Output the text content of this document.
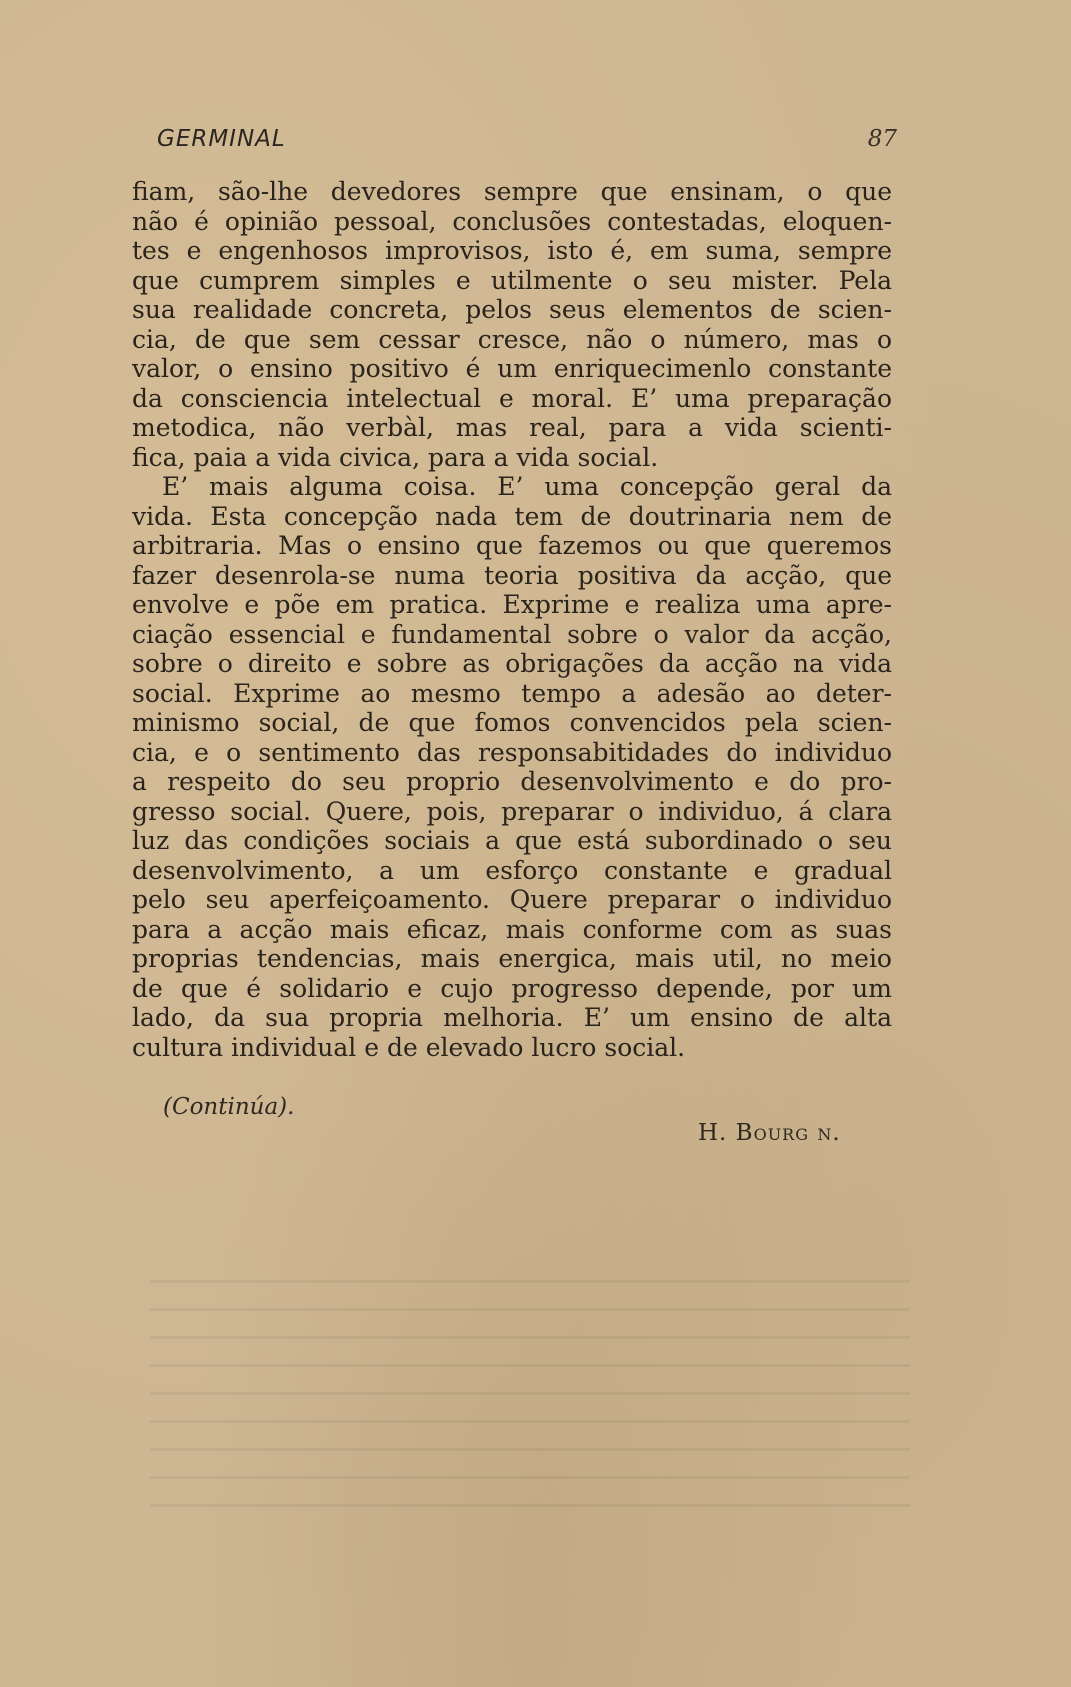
GERMINAL	87
fiam, são-lhe devedores sempre que ensinam, o que
não é opinião pessoal, conclusões contestadas, eloquen-
tes e engenhosos improvisos, isto é, em suma, sempre
que cumprem simples e utilmente o seu mister. Pela
sua realidade concreta, pelos seus elementos de scien-
cia, de que sem cessar cresce, não o número, mas o
valor, o ensino positivo é um enriquecimenlo constante
da consciencia intelectual e moral. E’ uma preparação
metodica, não verbàl, mas real, para a vida scienti-
fica, paia a vida civica, para a vida social.
E’ mais alguma coisa. E’ uma concepção geral da
vida. Esta concepção nada tem de doutrinaria nem de
arbitraria. Mas o ensino que fazemos ou que queremos
fazer desenrola-se numa teoria positiva da acção, que
envolve e põe em pratica. Exprime e realiza uma apre-
ciação essencial e fundamental sobre o valor da acção,
sobre o direito e sobre as obrigações da acção na vida
social. Exprime ao mesmo tempo a adesão ao deter-
minismo social, de que fomos convencidos pela scien-
cia, e o sentimento das responsabitidades do individuo
a respeito do seu proprio desenvolvimento e do pro-
gresso social. Quere, pois, preparar o individuo, á clara
luz das condições sociais a que está subordinado o seu
desenvolvimento, a um esforço constante e gradual
pelo seu aperfeiçoamento. Quere preparar o individuo
para a acção mais eficaz, mais conforme com as suas
proprias tendencias, mais energica, mais util, no meio
de que é solidario e cujo progresso depende, por um
lado, da sua propria melhoria. E’ um ensino de alta
cultura individual e de elevado lucro social.
(Continúa).
H. Bourg n.
